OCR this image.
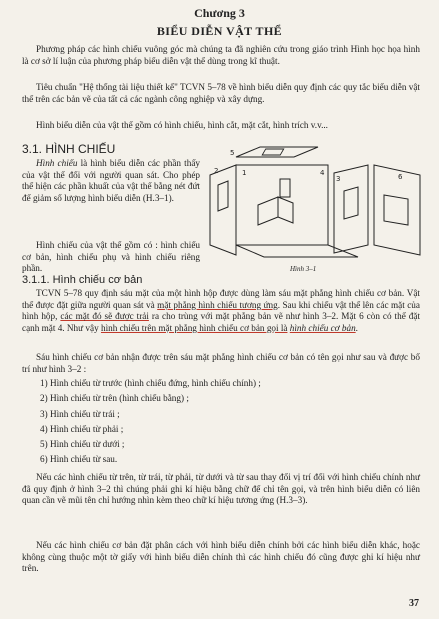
Chương 3
BIỂU DIỄN VẬT THỂ
Phương pháp các hình chiếu vuông góc mà chúng ta đã nghiên cứu trong giáo trình Hình học họa hình là cơ sở lí luận của phương pháp biểu diễn vật thể dùng trong kĩ thuật.
Tiêu chuẩn "Hệ thống tài liệu thiết kế" TCVN 5–78 về hình biểu diễn quy định các quy tắc biểu diễn vật thể trên các bản vẽ của tất cả các ngành công nghiệp và xây dựng.
Hình biểu diễn của vật thể gồm có hình chiếu, hình cắt, mặt cắt, hình trích v.v...
3.1. HÌNH CHIẾU
Hình chiếu là hình biểu diễn các phần thấy của vật thể đối với người quan sát. Cho phép thể hiện các phần khuất của vật thể bằng nét đứt để giảm số lượng hình biểu diễn (H.3–1).
Hình chiếu của vật thể gồm có : hình chiếu cơ bản, hình chiếu phụ và hình chiếu riêng phần.
5
2	1	4
3	6
Hình 3–1
3.1.1. Hình chiếu cơ bản
TCVN 5–78 quy định sáu mặt của một hình hộp được dùng làm sáu mặt phẳng hình chiếu cơ bản. Vật thể được đặt giữa người quan sát và mặt phẳng hình chiếu tương ứng. Sau khi chiếu vật thể lên các mặt của hình hộp, các mặt đó sẽ được trải ra cho trùng với mặt phẳng bản vẽ như hình 3–2. Mặt 6 còn có thể đặt cạnh mặt 4. Như vậy hình chiếu trên mặt phẳng hình chiếu cơ bản gọi là hình chiếu cơ bản.
Sáu hình chiếu cơ bản nhận được trên sáu mặt phẳng hình chiếu cơ bản có tên gọi như sau và được bố trí như hình 3–2 :
1) Hình chiếu từ trước (hình chiếu đứng, hình chiếu chính) ;
2) Hình chiếu từ trên (hình chiếu bằng) ;
3) Hình chiếu từ trái ;
4) Hình chiếu từ phải ;
5) Hình chiếu từ dưới ;
6) Hình chiếu từ sau.
Nếu các hình chiếu từ trên, từ trái, từ phải, từ dưới và từ sau thay đổi vị trí đối với hình chiếu chính như đã quy định ở hình 3–2 thì chúng phải ghi kí hiệu bằng chữ để chỉ tên gọi, và trên hình biểu diễn có liên quan cần vẽ mũi tên chỉ hướng nhìn kèm theo chữ kí hiệu tương ứng (H.3–3).
Nếu các hình chiếu cơ bản đặt phân cách với hình biểu diễn chính bởi các hình biểu diễn khác, hoặc không cùng thuộc một tờ giấy với hình biểu diễn chính thì các hình chiếu đó cũng được ghi kí hiệu như trên.
37
